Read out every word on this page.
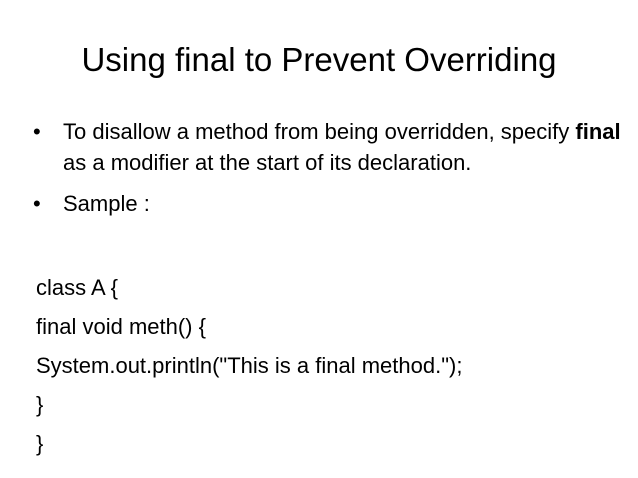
Using final to Prevent Overriding
• To disallow a method from being overridden, specify final as a modifier at the start of its declaration.
• Sample :
class A {
final void meth() {
System.out.println("This is a final method.");
}
}
